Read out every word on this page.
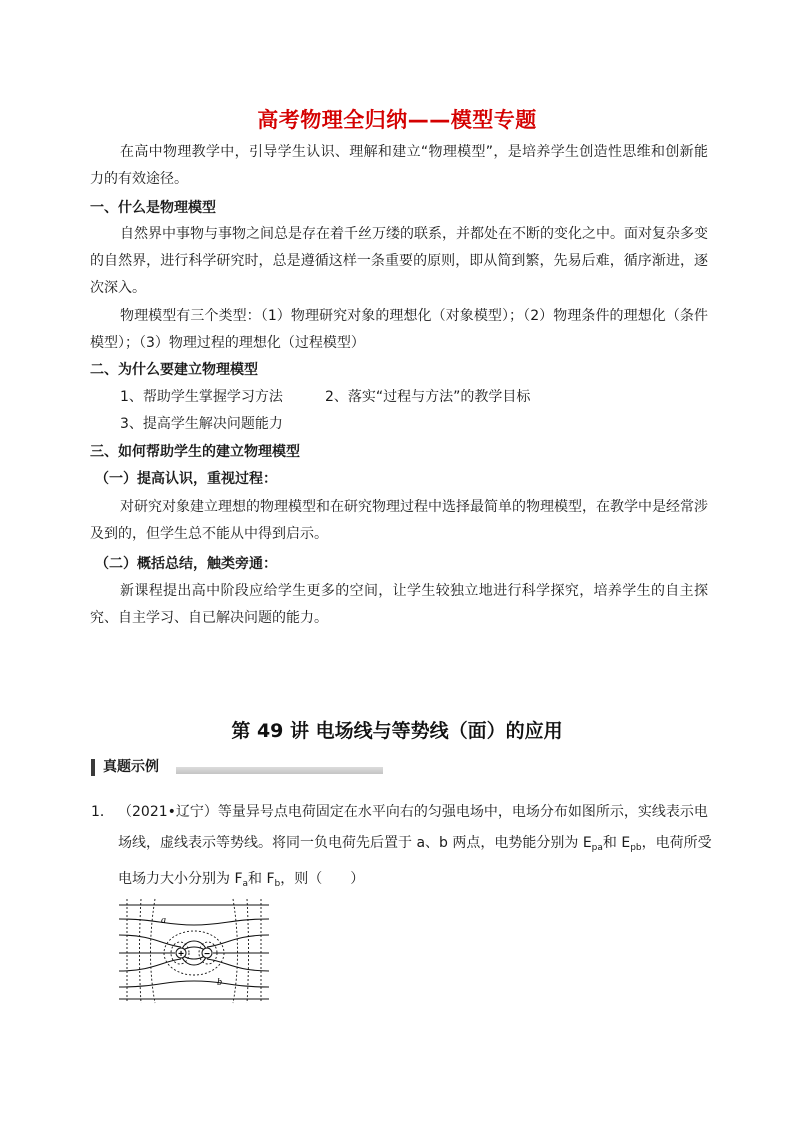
高考物理全归纳——模型专题
在高中物理教学中，引导学生认识、理解和建立“物理模型”，是培养学生创造性思维和创新能力的有效途径。
一、什么是物理模型
自然界中事物与事物之间总是存在着千丝万缕的联系，并都处在不断的变化之中。面对复杂多变的自然界，进行科学研究时，总是遵循这样一条重要的原则，即从简到繁，先易后难，循序渐进，逐次深入。
物理模型有三个类型：（1）物理研究对象的理想化（对象模型）；（2）物理条件的理想化（条件模型）；（3）物理过程的理想化（过程模型）
二、为什么要建立物理模型
1、帮助学生掌握学习方法	2、落实“过程与方法”的教学目标
3、提高学生解决问题能力
三、如何帮助学生的建立物理模型
（一）提高认识，重视过程：
对研究对象建立理想的物理模型和在研究物理过程中选择最简单的物理模型，在教学中是经常涉及到的，但学生总不能从中得到启示。
（二）概括总结，触类旁通：
新课程提出高中阶段应给学生更多的空间，让学生较独立地进行科学探究，培养学生的自主探究、自主学习、自已解决问题的能力。
第 49 讲 电场线与等势线（面）的应用
真题示例
1． （2021•辽宁）等量异号点电荷固定在水平向右的匀强电场中，电场分布如图所示，实线表示电场线，虚线表示等势线。将同一负电荷先后置于 a、b 两点，电势能分别为 $E_{pa}$和 $E_{pb}$，电荷所受电场力大小分别为 $F_a$和 $F_b$，则（　　）
+ −
a
b
